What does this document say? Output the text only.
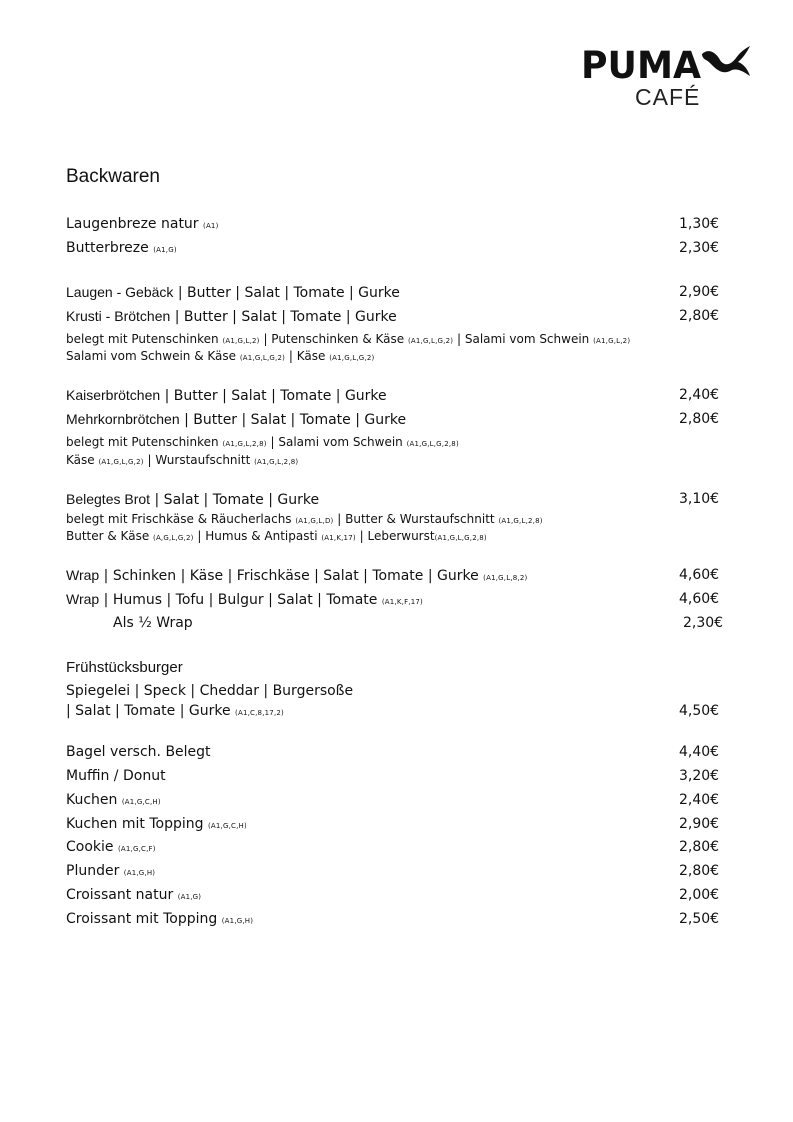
PUMA
CAFÉ
Backwaren
Laugenbreze natur (A1)	1,30€
Butterbreze (A1,G)	2,30€
Laugen - Gebäck | Butter | Salat | Tomate | Gurke	2,90€
Krusti - Brötchen | Butter | Salat | Tomate | Gurke	2,80€
belegt mit Putenschinken (A1,G,L,2) | Putenschinken & Käse (A1,G,L,G,2) | Salami vom Schwein (A1,G,L,2)
Salami vom Schwein & Käse (A1,G,L,G,2) | Käse (A1,G,L,G,2)
Kaiserbrötchen | Butter | Salat | Tomate | Gurke	2,40€
Mehrkornbrötchen | Butter | Salat | Tomate | Gurke	2,80€
belegt mit Putenschinken (A1,G,L,2,8) | Salami vom Schwein (A1,G,L,G,2,8)
Käse (A1,G,L,G,2) | Wurstaufschnitt (A1,G,L,2,8)
Belegtes Brot | Salat | Tomate | Gurke	3,10€
belegt mit Frischkäse & Räucherlachs (A1,G,L,D) | Butter & Wurstaufschnitt (A1,G,L,2,8)
Butter & Käse (A,G,L,G,2) | Humus & Antipasti (A1,K,17) | Leberwurst(A1,G,L,G,2,8)
Wrap | Schinken | Käse | Frischkäse | Salat | Tomate | Gurke (A1,G,L,8,2)	4,60€
Wrap | Humus | Tofu | Bulgur | Salat | Tomate (A1,K,F,17)	4,60€
Als ½ Wrap	2,30€
Frühstücksburger
Spiegelei | Speck | Cheddar | Burgersoße
| Salat | Tomate | Gurke (A1,C,8,17,2)	4,50€
Bagel versch. Belegt	4,40€
Muffin / Donut	3,20€
Kuchen (A1,G,C,H)	2,40€
Kuchen mit Topping (A1,G,C,H)	2,90€
Cookie (A1,G,C,F)	2,80€
Plunder (A1,G,H)	2,80€
Croissant natur (A1,G)	2,00€
Croissant mit Topping (A1,G,H)	2,50€
